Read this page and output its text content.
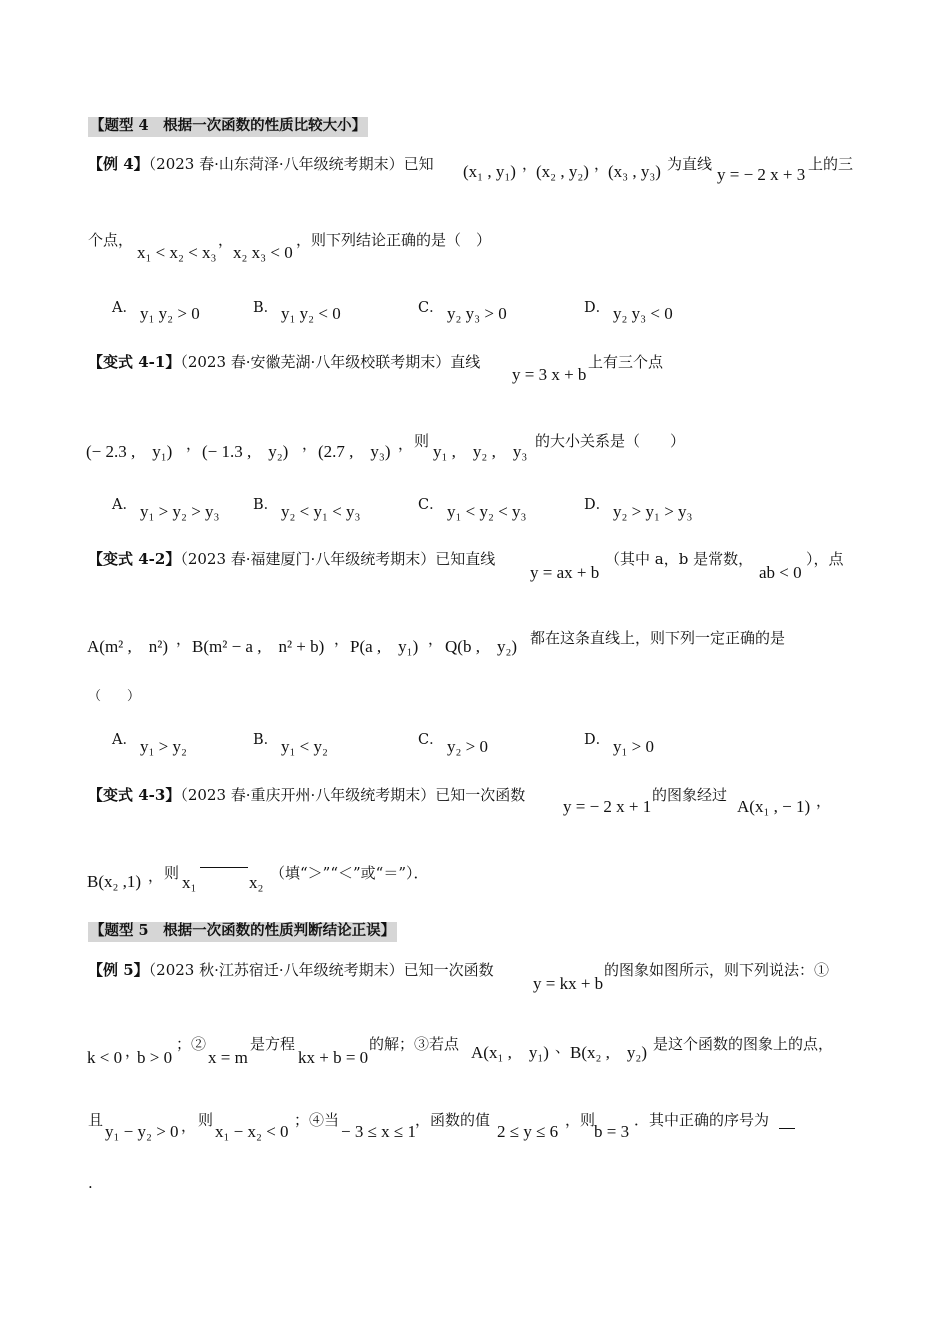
【题型 4　根据一次函数的性质比较大小】
【例 4】（2023 春·山东菏泽·八年级统考期末）已知 (x₁ , y₁) ，
(x₂ , y₂) ，
(x₃ , y₃) 为直线
y = − 2 x + 3
上的三
个点，
x₁ < x₂ < x₃
，
x₂ x₃ < 0
，则下列结论正确的是（　）
A． y₁ y₂ > 0	B． y₁ y₂ < 0	C． y₂ y₃ > 0	D． y₂ y₃ < 0
【变式 4-1】（2023 春·安徽芜湖·八年级校联考期末）直线
y = 3 x + b
上有三个点
(− 2.3 ,　y₁) ， (− 1.3 ,　y₂) ， (2.7 ,　y₃) ， 则
y₁ ,　y₂ ,　y₃
的大小关系是（　　）
A． y₁ > y₂ > y₃ B． y₂ < y₁ < y₃	C． y₁ < y₂ < y₃	D． y₂ > y₁ > y₃
【变式 4-2】（2023 春·福建厦门·八年级统考期末）已知直线
y = ax + b
（其中 a，b 是常数，
ab < 0
），点
A(m² ,　n²) ， B(m² − a ,　n² + b) ， P(a ,　y₁) ， Q(b ,　y₂) 都在这条直线上，则下列一定正确的是
（　　）
A． y₁ > y₂	B． y₁ < y₂	C． y₂ > 0	D． y₁ > 0
【变式 4-3】（2023 春·重庆开州·八年级统考期末）已知一次函数
y = − 2 x + 1
的图象经过
A(x₁ , − 1) ，
B(x₂ ,1) ， 则 x₁	x₂ （填“＞”“＜”或“＝”）．
【题型 5　根据一次函数的性质判断结论正误】
【例 5】（2023 秋·江苏宿迁·八年级统考期末）已知一次函数
y = kx + b
的图象如图所示，则下列说法：①
k < 0 ，
b > 0
；②
x = m
是方程
kx + b = 0
的解；③若点 A(x₁ ,　y₁) 、 B(x₂ ,　y₂) 是这个函数的图象上的点，
且
y₁ − y₂ > 0 ， 则
x₁ − x₂ < 0
；④当
− 3 ≤ x ≤ 1
，函数的值
2 ≤ y ≤ 6
，则
b = 3
．其中正确的序号为
.
